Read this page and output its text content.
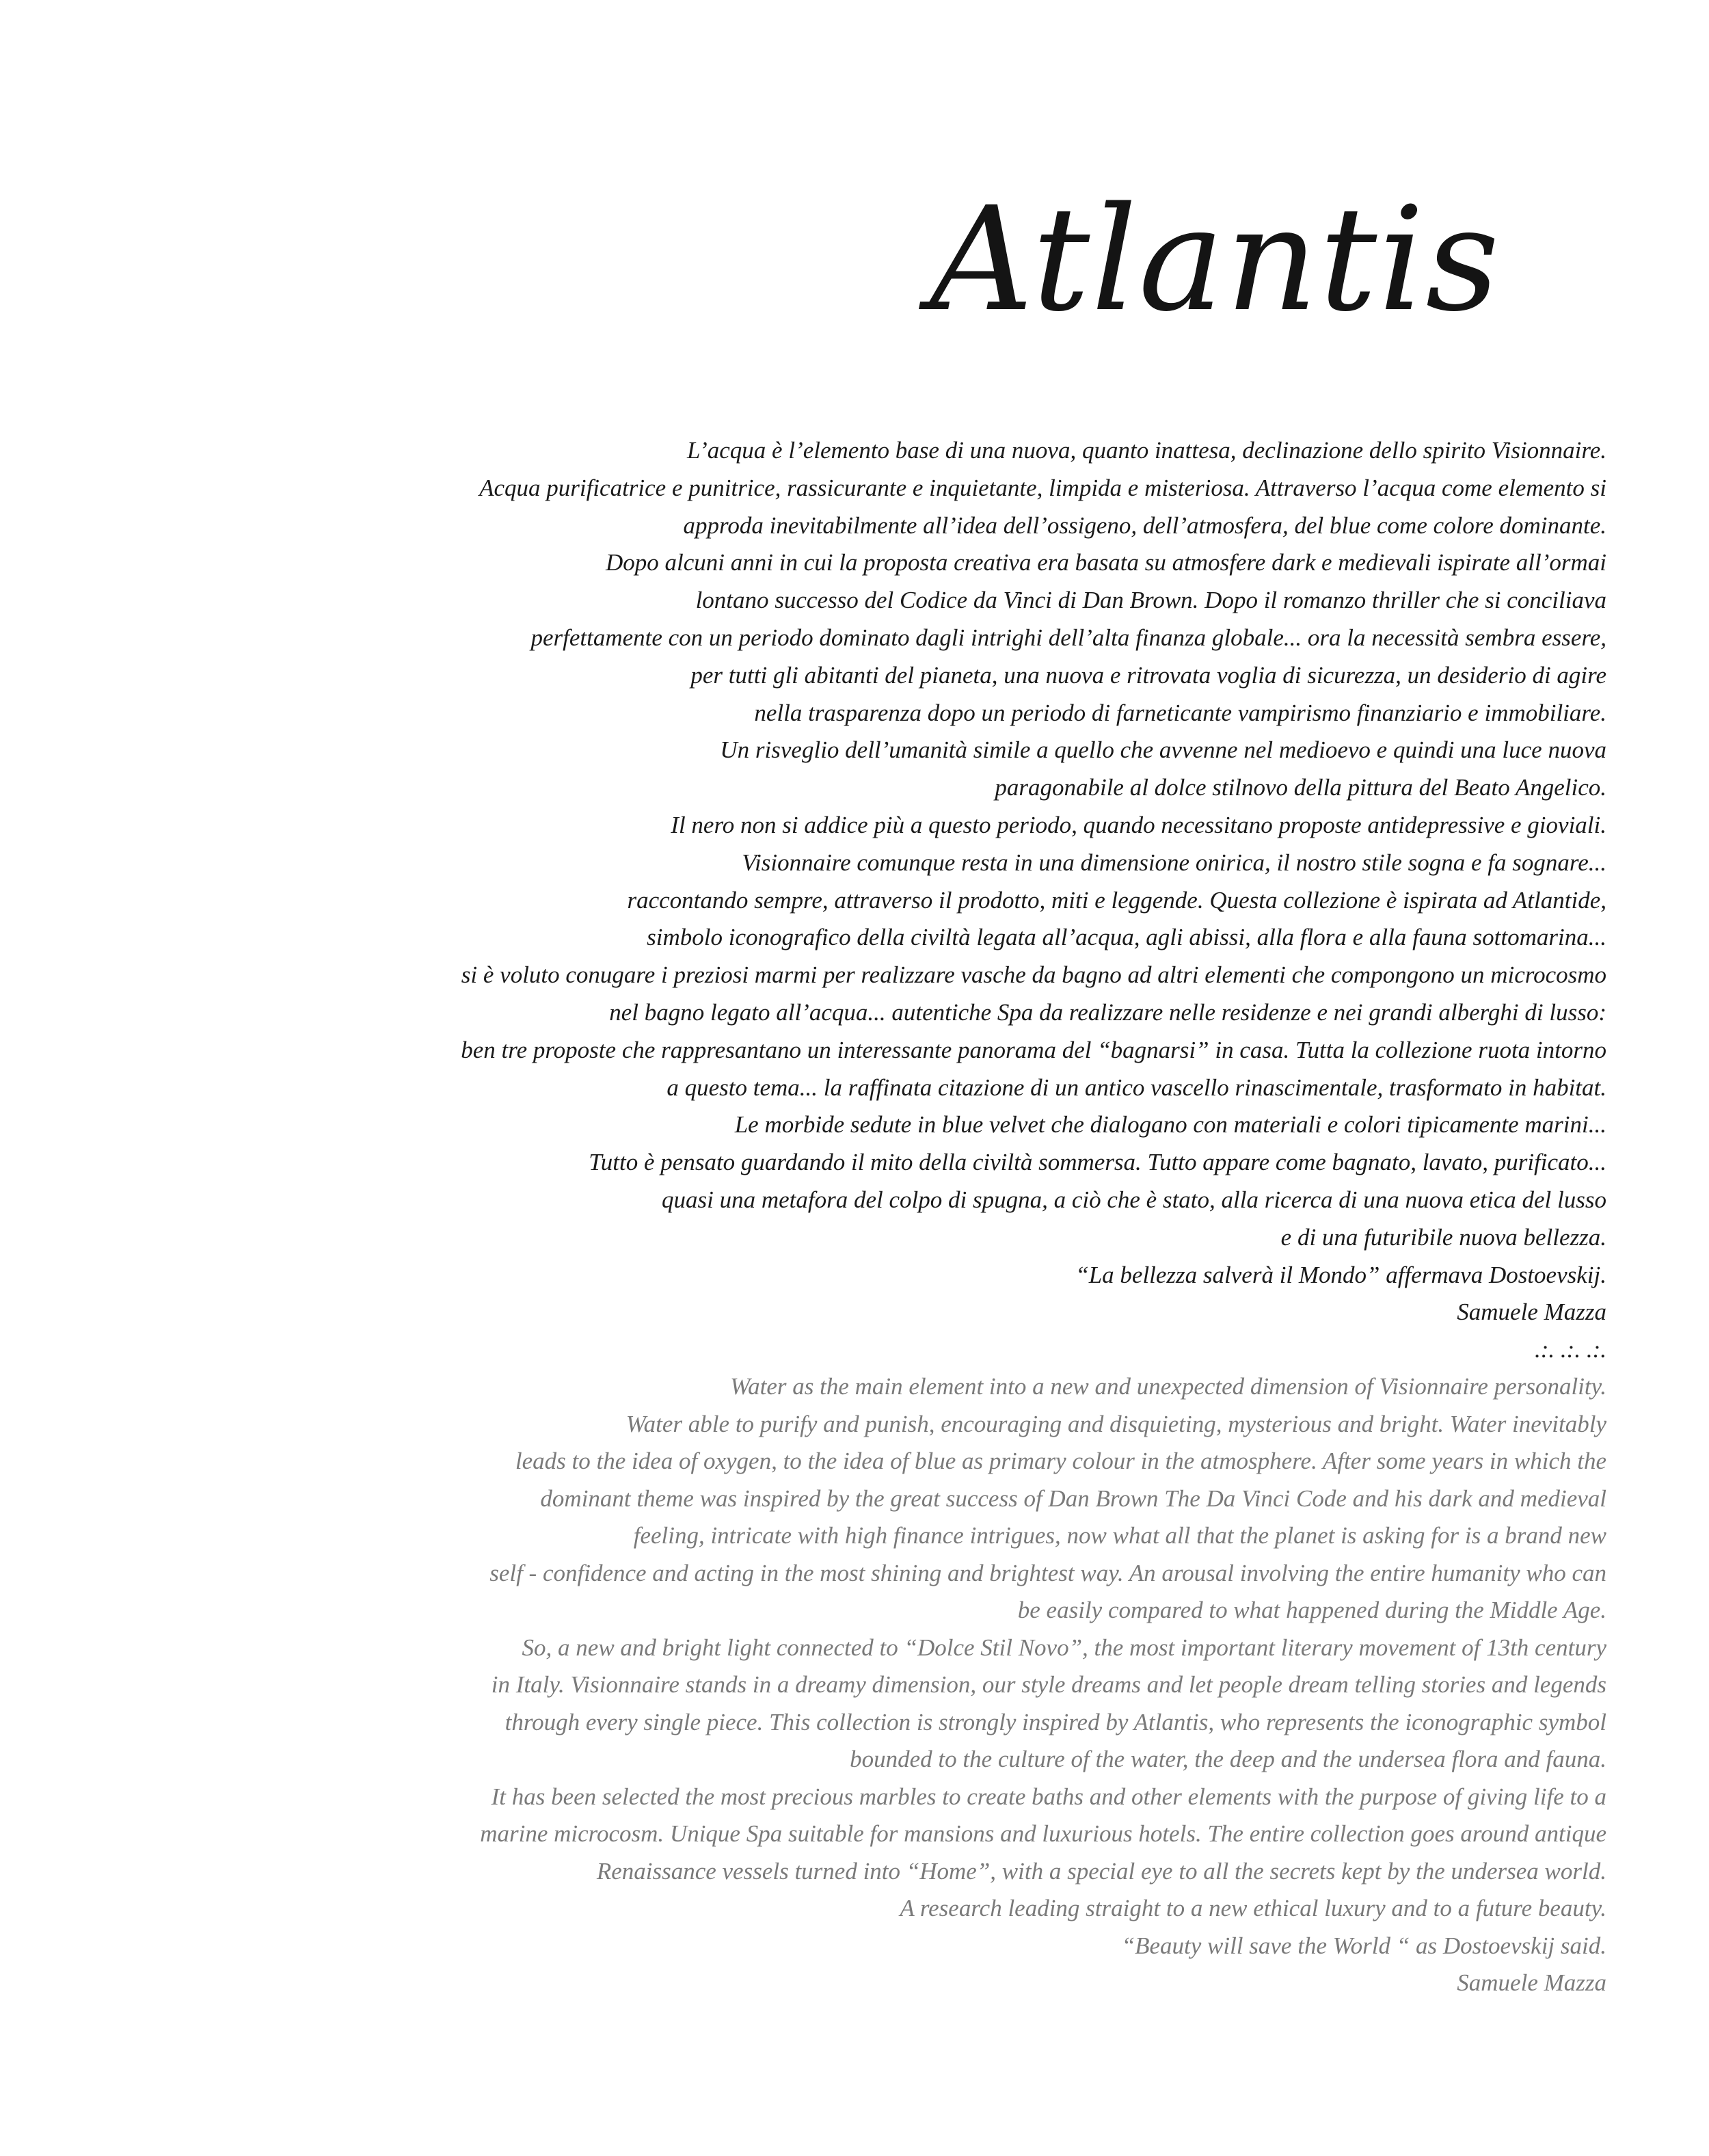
Atlantis
L’acqua è l’elemento base di una nuova, quanto inattesa, declinazione dello spirito Visionnaire.
Acqua purificatrice e punitrice, rassicurante e inquietante, limpida e misteriosa. Attraverso l’acqua come elemento si
approda inevitabilmente all’idea dell’ossigeno, dell’atmosfera, del blue come colore dominante.
Dopo alcuni anni in cui la proposta creativa era basata su atmosfere dark e medievali ispirate all’ormai
lontano successo del Codice da Vinci di Dan Brown. Dopo il romanzo thriller che si conciliava
perfettamente con un periodo dominato dagli intrighi dell’alta finanza globale... ora la necessità sembra essere,
per tutti gli abitanti del pianeta, una nuova e ritrovata voglia di sicurezza, un desiderio di agire
nella trasparenza dopo un periodo di farneticante vampirismo finanziario e immobiliare.
Un risveglio dell’umanità simile a quello che avvenne nel medioevo e quindi una luce nuova
paragonabile al dolce stilnovo della pittura del Beato Angelico.
Il nero non si addice più a questo periodo, quando necessitano proposte antidepressive e gioviali.
Visionnaire comunque resta in una dimensione onirica, il nostro stile sogna e fa sognare...
raccontando sempre, attraverso il prodotto, miti e leggende. Questa collezione è ispirata ad Atlantide,
simbolo iconografico della civiltà legata all’acqua, agli abissi, alla flora e alla fauna sottomarina...
si è voluto conugare i preziosi marmi per realizzare vasche da bagno ad altri elementi che compongono un microcosmo
nel bagno legato all’acqua... autentiche Spa da realizzare nelle residenze e nei grandi alberghi di lusso:
ben tre proposte che rappresantano un interessante panorama del “bagnarsi” in casa. Tutta la collezione ruota intorno
a questo tema... la raffinata citazione di un antico vascello rinascimentale, trasformato in habitat.
Le morbide sedute in blue velvet che dialogano con materiali e colori tipicamente marini...
Tutto è pensato guardando il mito della civiltà sommersa. Tutto appare come bagnato, lavato, purificato...
quasi una metafora del colpo di spugna, a ciò che è stato, alla ricerca di una nuova etica del lusso
e di una futuribile nuova bellezza.
“La bellezza salverà il Mondo” affermava Dostoevskij.
Samuele Mazza
.:. .:. .:.
Water as the main element into a new and unexpected dimension of Visionnaire personality.
Water able to purify and punish, encouraging and disquieting, mysterious and bright. Water inevitably
leads to the idea of oxygen, to the idea of blue as primary colour in the atmosphere. After some years in which the
dominant theme was inspired by the great success of Dan Brown The Da Vinci Code and his dark and medieval
feeling, intricate with high finance intrigues, now what all that the planet is asking for is a brand new
self - confidence and acting in the most shining and brightest way. An arousal involving the entire humanity who can
be easily compared to what happened during the Middle Age.
So, a new and bright light connected to “Dolce Stil Novo”, the most important literary movement of 13th century
in Italy. Visionnaire stands in a dreamy dimension, our style dreams and let people dream telling stories and legends
through every single piece. This collection is strongly inspired by Atlantis, who represents the iconographic symbol
bounded to the culture of the water, the deep and the undersea flora and fauna.
It has been selected the most precious marbles to create baths and other elements with the purpose of giving life to a
marine microcosm. Unique Spa suitable for mansions and luxurious hotels. The entire collection goes around antique
Renaissance vessels turned into “Home”, with a special eye to all the secrets kept by the undersea world.
A research leading straight to a new ethical luxury and to a future beauty.
“Beauty will save the World “ as Dostoevskij said.
Samuele Mazza
